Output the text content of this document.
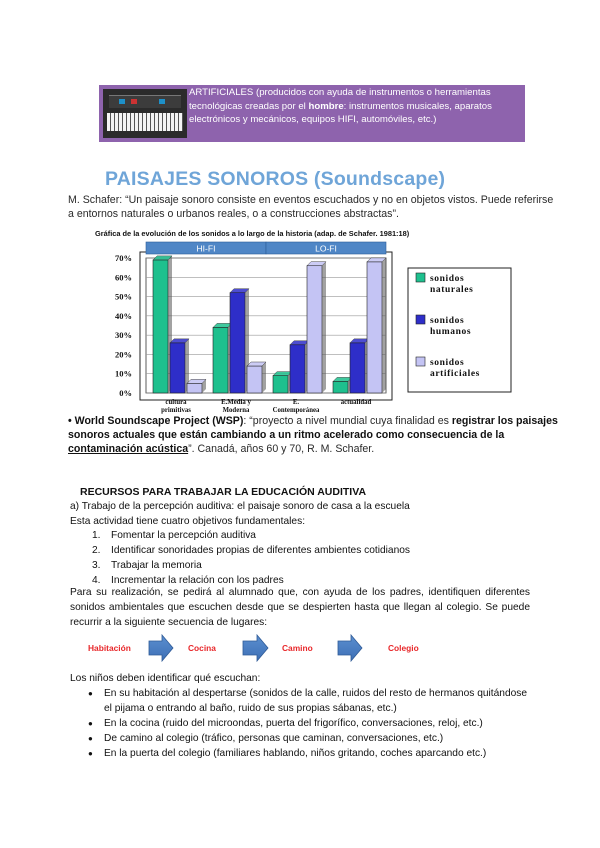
ARTIFICIALES (producidos con ayuda de instrumentos o herramientas tecnológicas creadas por el hombre: instrumentos musicales, aparatos electrónicos y mecánicos, equipos HIFI, automóviles, etc.)
PAISAJES SONOROS (Soundscape)
M. Schafer: “Un paisaje sonoro consiste en eventos escuchados y no en objetos vistos. Puede referirse a entornos naturales o urbanos reales, o a construcciones abstractas”.
Gráfica de la evolución de los sonidos a lo largo de la historia (adap. de Schafer. 1981:18)
0%
10%
20%
30%
40%
50%
60%
70%
HI-FI	LO-FI
cultura
primitivas
E.Media y
Moderna
E.
Contemporánea
actualidad
sonidos
naturales
sonidos
humanos
sonidos
artificiales
• World Soundscape Project (WSP): “proyecto a nivel mundial cuya finalidad es registrar los paisajes sonoros actuales que están cambiando a un ritmo acelerado como consecuencia de la contaminación acústica”. Canadá, años 60 y 70, R. M. Schafer.
RECURSOS PARA TRABAJAR LA EDUCACIÓN AUDITIVA
a) Trabajo de la percepción auditiva: el paisaje sonoro de casa a la escuela
Esta actividad tiene cuatro objetivos fundamentales:
1. Fomentar la percepción auditiva
2. Identificar sonoridades propias de diferentes ambientes cotidianos
3. Trabajar la memoria
4. Incrementar la relación con los padres
Para su realización, se pedirá al alumnado que, con ayuda de los padres, identifiquen diferentes sonidos ambientales que escuchen desde que se despierten hasta que llegan al colegio. Se puede recurrir a la siguiente secuencia de lugares:
Habitación	Cocina	Camino	Colegio
Los niños deben identificar qué escuchan:
● En su habitación al despertarse (sonidos de la calle, ruidos del resto de hermanos quitándose el pijama o entrando al baño, ruido de sus propias sábanas, etc.)
● En la cocina (ruido del microondas, puerta del frigorífico, conversaciones, reloj, etc.)
● De camino al colegio (tráfico, personas que caminan, conversaciones, etc.)
● En la puerta del colegio (familiares hablando, niños gritando, coches aparcando etc.)
